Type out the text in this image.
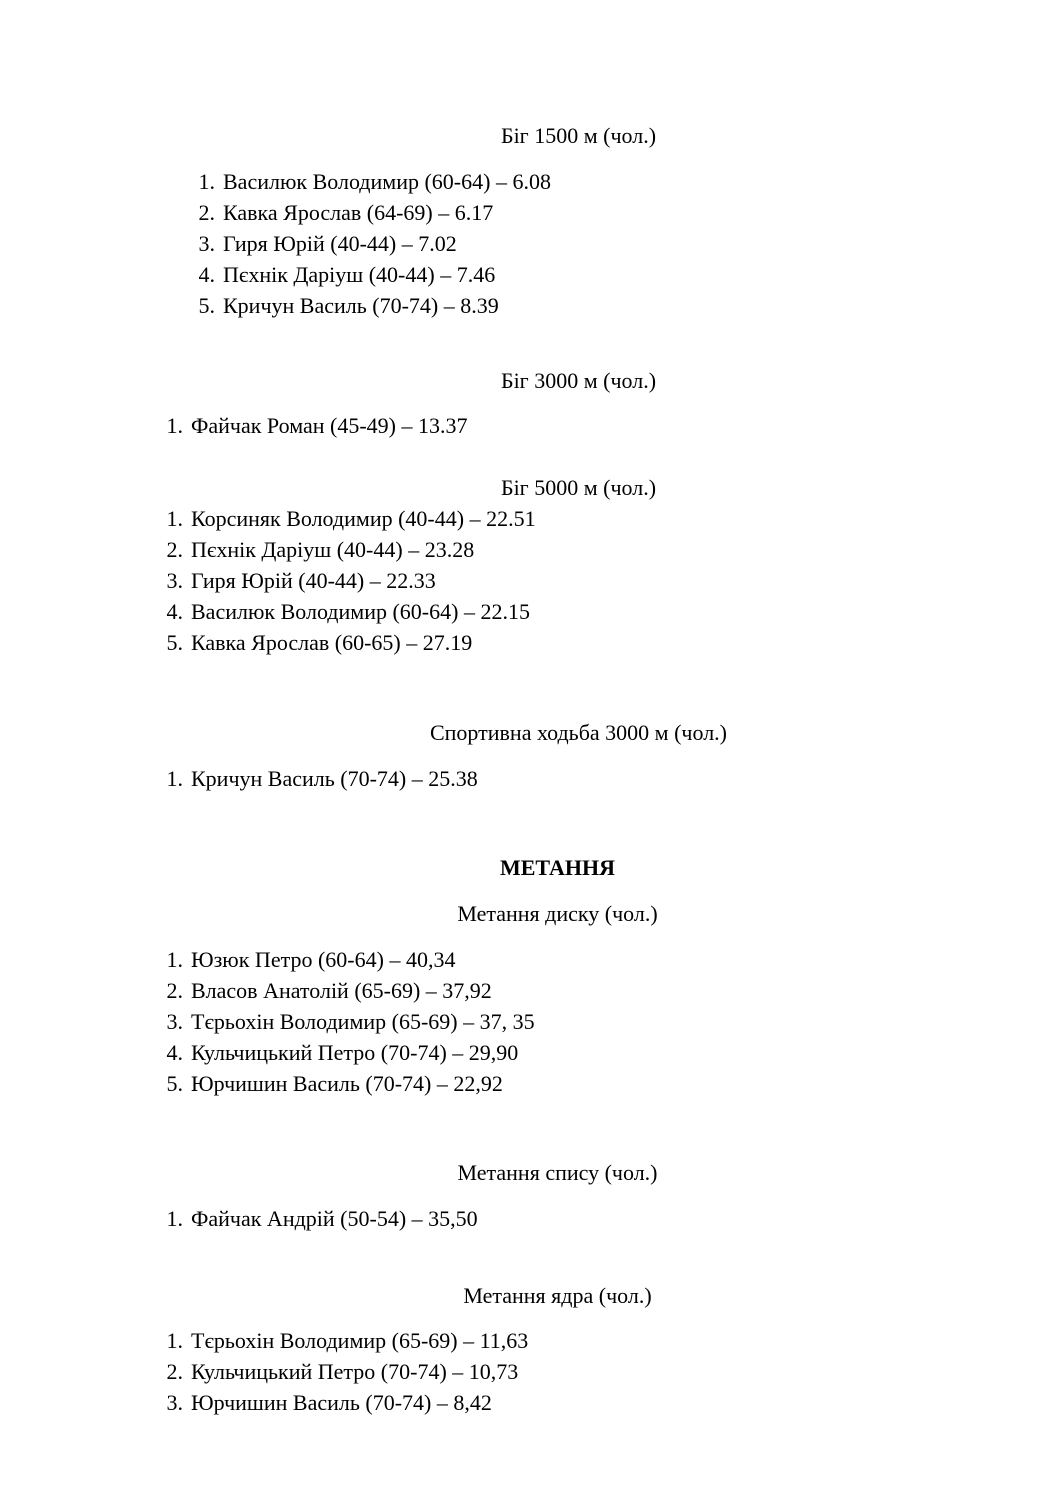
Біг 1500 м (чол.)
1. Василюк Володимир (60-64) – 6.08
2. Кавка Ярослав (64-69) – 6.17
3. Гиря Юрій (40-44) – 7.02
4. Пєхнік Даріуш (40-44) – 7.46
5. Кричун Василь (70-74) – 8.39
Біг 3000 м (чол.)
1. Файчак Роман (45-49) – 13.37
Біг 5000 м (чол.)
1. Корсиняк Володимир (40-44) – 22.51
2. Пєхнік Даріуш (40-44) – 23.28
3. Гиря Юрій (40-44) – 22.33
4. Василюк Володимир (60-64) – 22.15
5. Кавка Ярослав (60-65) – 27.19
Спортивна ходьба 3000 м (чол.)
1. Кричун Василь (70-74) – 25.38
МЕТАННЯ
Метання диску (чол.)
1. Юзюк Петро (60-64) – 40,34
2. Власов Анатолій (65-69) – 37,92
3. Тєрьохін Володимир (65-69) – 37, 35
4. Кульчицький Петро (70-74) – 29,90
5. Юрчишин Василь (70-74) – 22,92
Метання спису (чол.)
1. Файчак Андрій (50-54) – 35,50
Метання ядра (чол.)
1. Тєрьохін Володимир (65-69) – 11,63
2. Кульчицький Петро (70-74) – 10,73
3. Юрчишин Василь (70-74) – 8,42
